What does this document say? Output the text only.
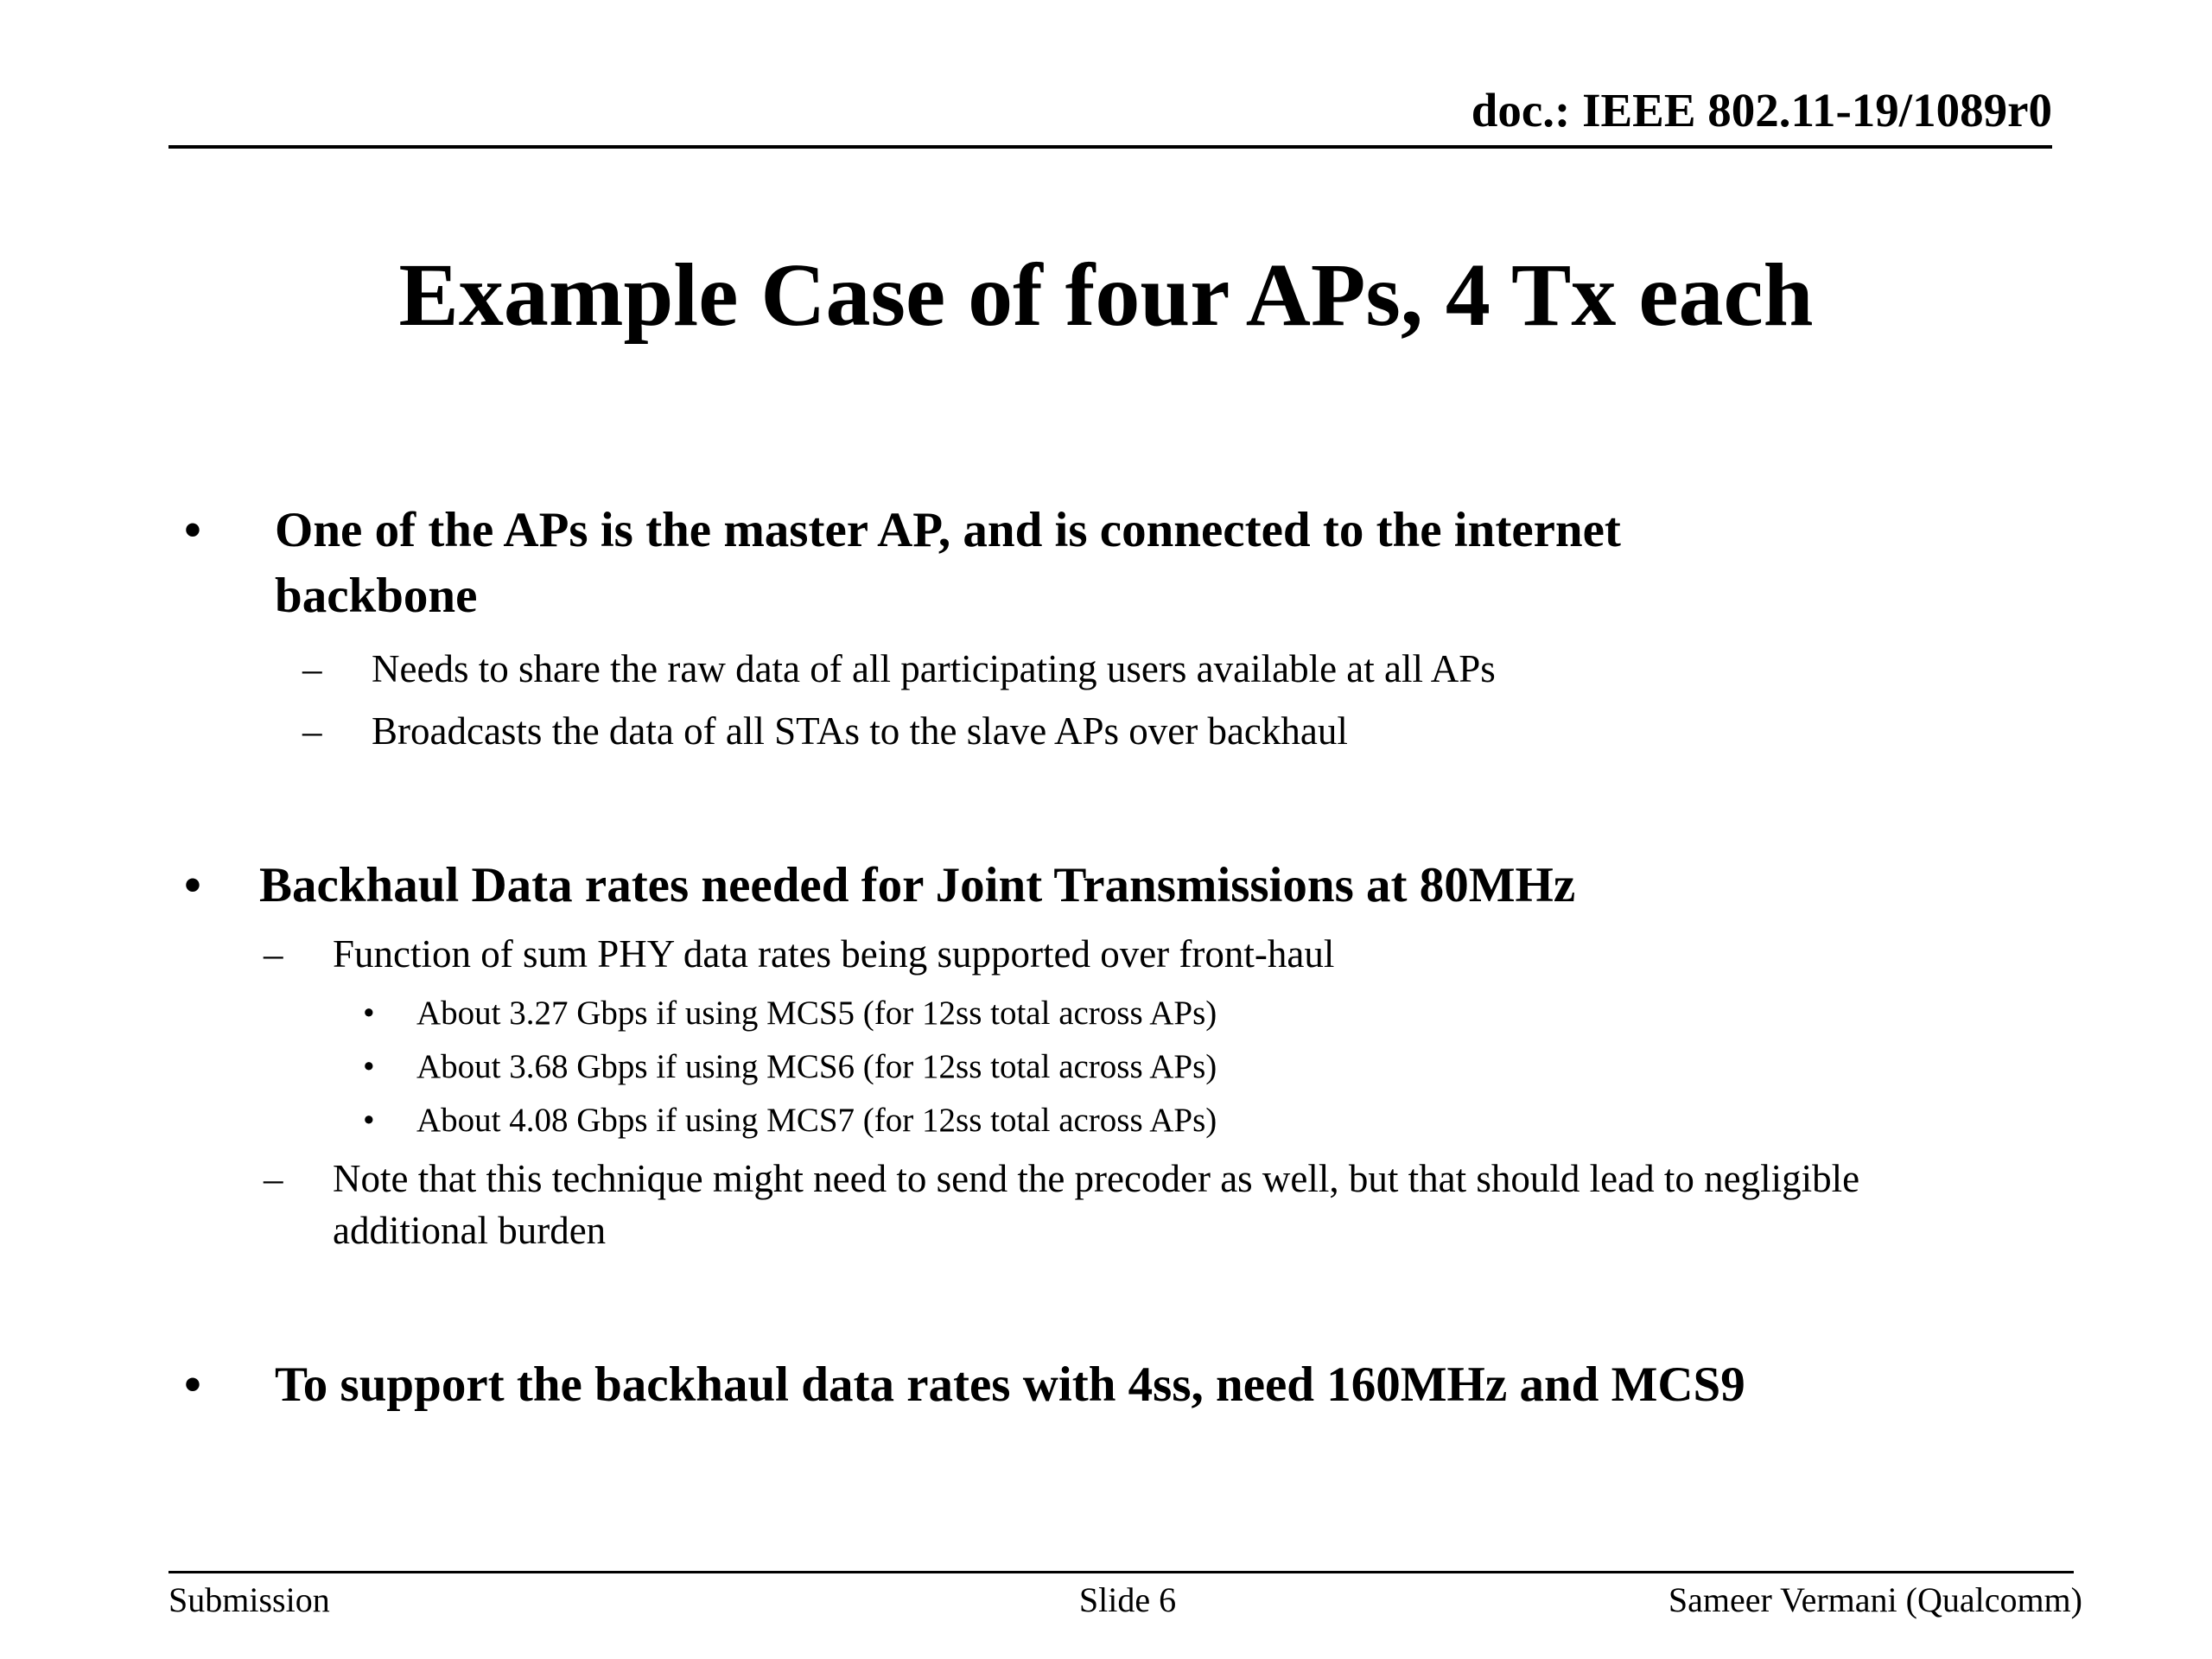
doc.: IEEE 802.11-19/1089r0
Example Case of four APs, 4 Tx each
• One of the APs is the master AP, and is connected to the internet
backbone
– Needs to share the raw data of all participating users available at all APs
– Broadcasts the data of all STAs to the slave APs over backhaul
• Backhaul Data rates needed for Joint Transmissions at 80MHz
– Function of sum PHY data rates being supported over front-haul
• About 3.27 Gbps if using MCS5 (for 12ss total across APs)
• About 3.68 Gbps if using MCS6 (for 12ss total across APs)
• About 4.08 Gbps if using MCS7 (for 12ss total across APs)
– Note that this technique might need to send the precoder as well, but that should lead to negligible
additional burden
• To support the backhaul data rates with 4ss, need 160MHz and MCS9
Submission	Slide 6	Sameer Vermani (Qualcomm)
